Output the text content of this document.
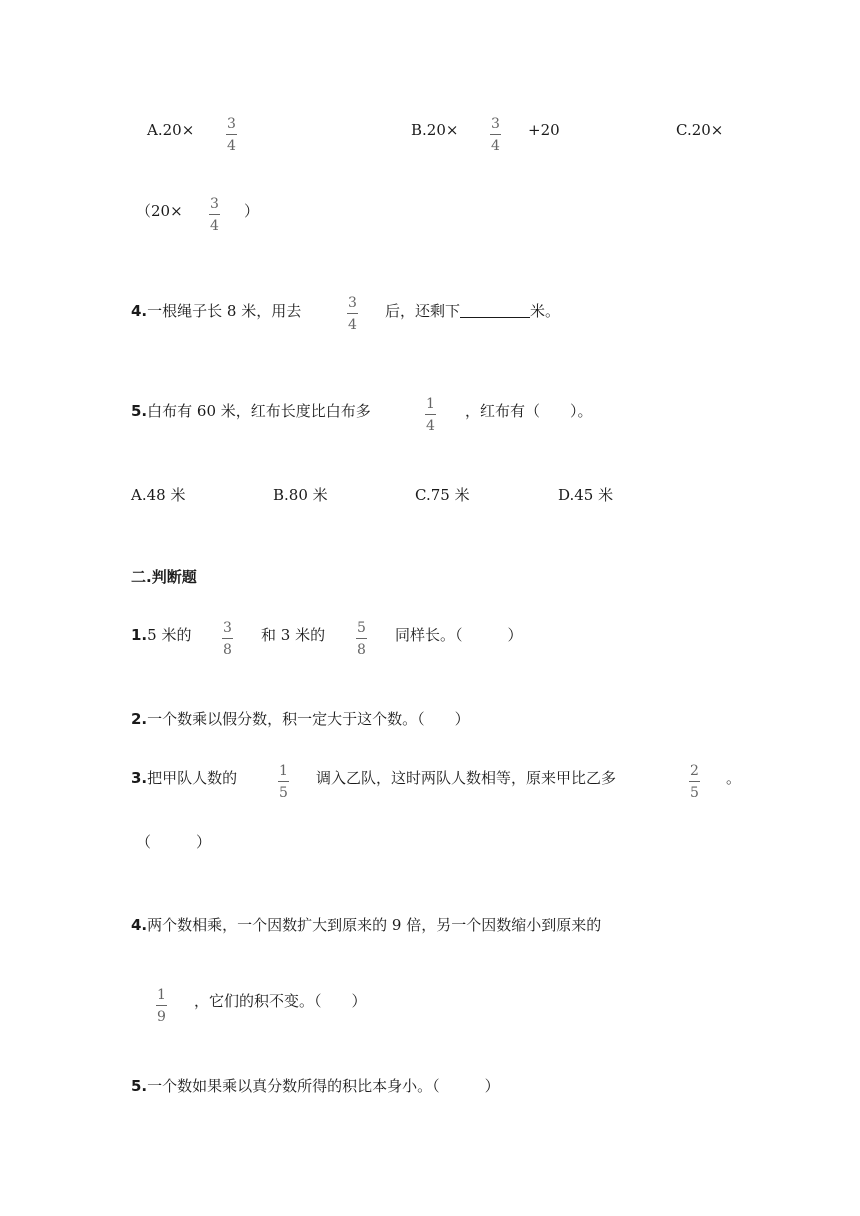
A.20× 3
4
B.20× 3
4
+20	C.20×
（20× 3
4
）
4.一根绳子长 8 米，用去	3
4
后，还剩下	米。
5.白布有 60 米，红布长度比白布多	1
4
，红布有（　　）。
A.48 米	B.80 米	C.75 米	D.45 米
二.判断题
1.5 米的 3
8
和 3 米的 5
8
同样长。（　　　）
2.一个数乘以假分数，积一定大于这个数。（　　）
3.把甲队人数的	1
5
调入乙队，这时两队人数相等，原来甲比乙多	2
5
。
（　　　）
4.两个数相乘，一个因数扩大到原来的 9 倍，另一个因数缩小到原来的
1
9
，它们的积不变。（　　）
5.一个数如果乘以真分数所得的积比本身小。（　　　）
